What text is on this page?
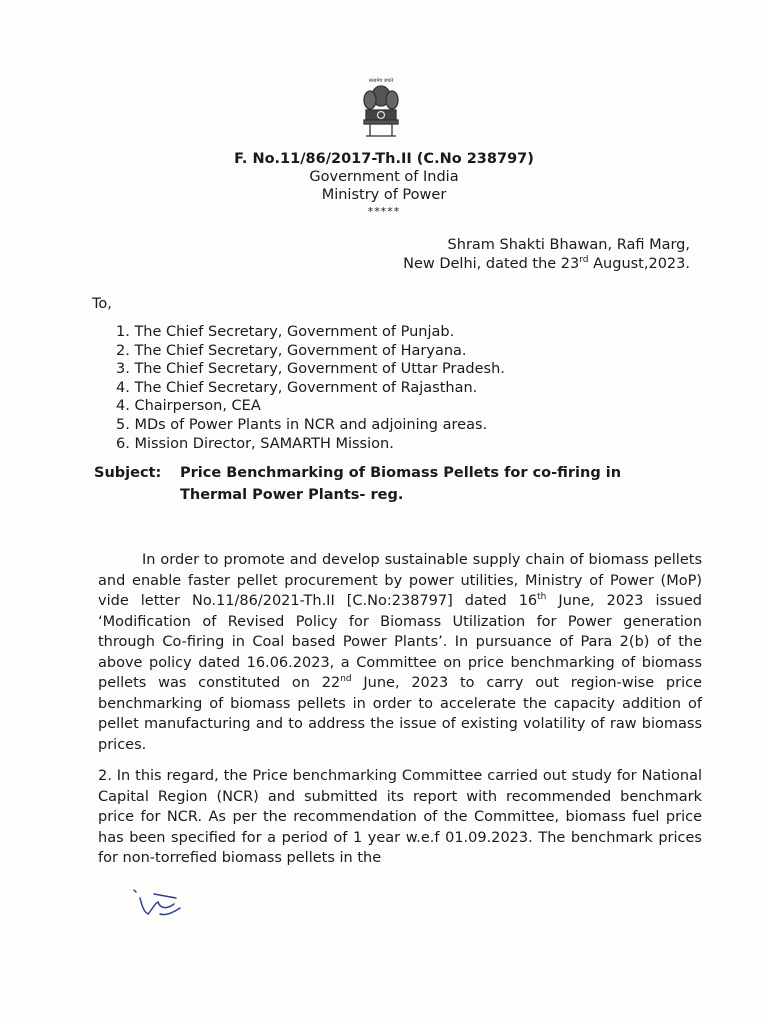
सत्यमेव जयते
F. No.11/86/2017-Th.II (C.No 238797)
Government of India
Ministry of Power
*****
Shram Shakti Bhawan, Rafi Marg,
New Delhi, dated the 23rd August,2023.
To,
1. The Chief Secretary, Government of Punjab.
2. The Chief Secretary, Government of Haryana.
3. The Chief Secretary, Government of Uttar Pradesh.
4. The Chief Secretary, Government of Rajasthan.
4. Chairperson, CEA
5. MDs of Power Plants in NCR and adjoining areas.
6. Mission Director, SAMARTH Mission.
Subject: Price Benchmarking of Biomass Pellets for co-firing in
Thermal Power Plants- reg.
In order to promote and develop sustainable supply chain of biomass pellets and enable faster pellet procurement by power utilities, Ministry of Power (MoP) vide letter No.11/86/2021-Th.II [C.No:238797] dated 16th June, 2023 issued ‘Modification of Revised Policy for Biomass Utilization for Power generation through Co-firing in Coal based Power Plants’. In pursuance of Para 2(b) of the above policy dated 16.06.2023, a Committee on price benchmarking of biomass pellets was constituted on 22nd June, 2023 to carry out region-wise price benchmarking of biomass pellets in order to accelerate the capacity addition of pellet manufacturing and to address the issue of existing volatility of raw biomass prices.
2. In this regard, the Price benchmarking Committee carried out study for National Capital Region (NCR) and submitted its report with recommended benchmark price for NCR. As per the recommendation of the Committee, biomass fuel price has been specified for a period of 1 year w.e.f 01.09.2023. The benchmark prices for non-torrefied biomass pellets in the
